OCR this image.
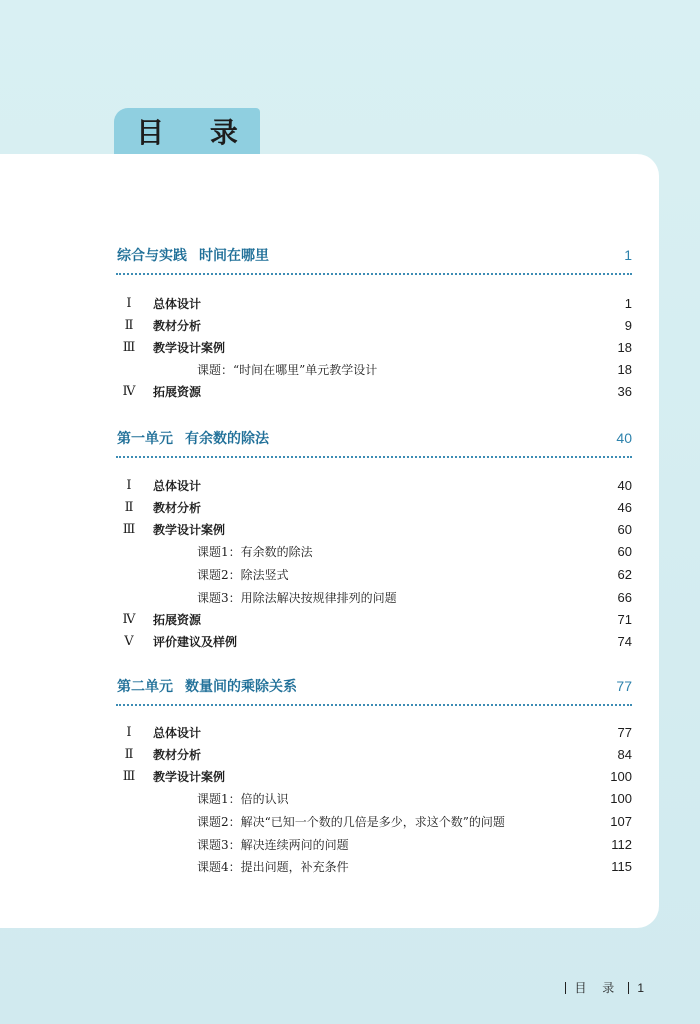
目 录
综合与实践 时间在哪里	1
Ⅰ	总体设计	1
Ⅱ	教材分析	9
Ⅲ	教学设计案例	18
课题：“时间在哪里”单元教学设计	18
Ⅳ	拓展资源	36
第一单元 有余数的除法	40
Ⅰ	总体设计	40
Ⅱ	教材分析	46
Ⅲ	教学设计案例	60
课题1：有余数的除法	60
课题2：除法竖式	62
课题3：用除法解决按规律排列的问题	66
Ⅳ	拓展资源	71
Ⅴ	评价建议及样例	74
第二单元 数量间的乘除关系	77
Ⅰ	总体设计	77
Ⅱ	教材分析	84
Ⅲ	教学设计案例	100
课题1：倍的认识	100
课题2：解决“已知一个数的几倍是多少，求这个数”的问题	107
课题3：解决连续两问的问题	112
课题4：提出问题，补充条件	115
目 录 1
